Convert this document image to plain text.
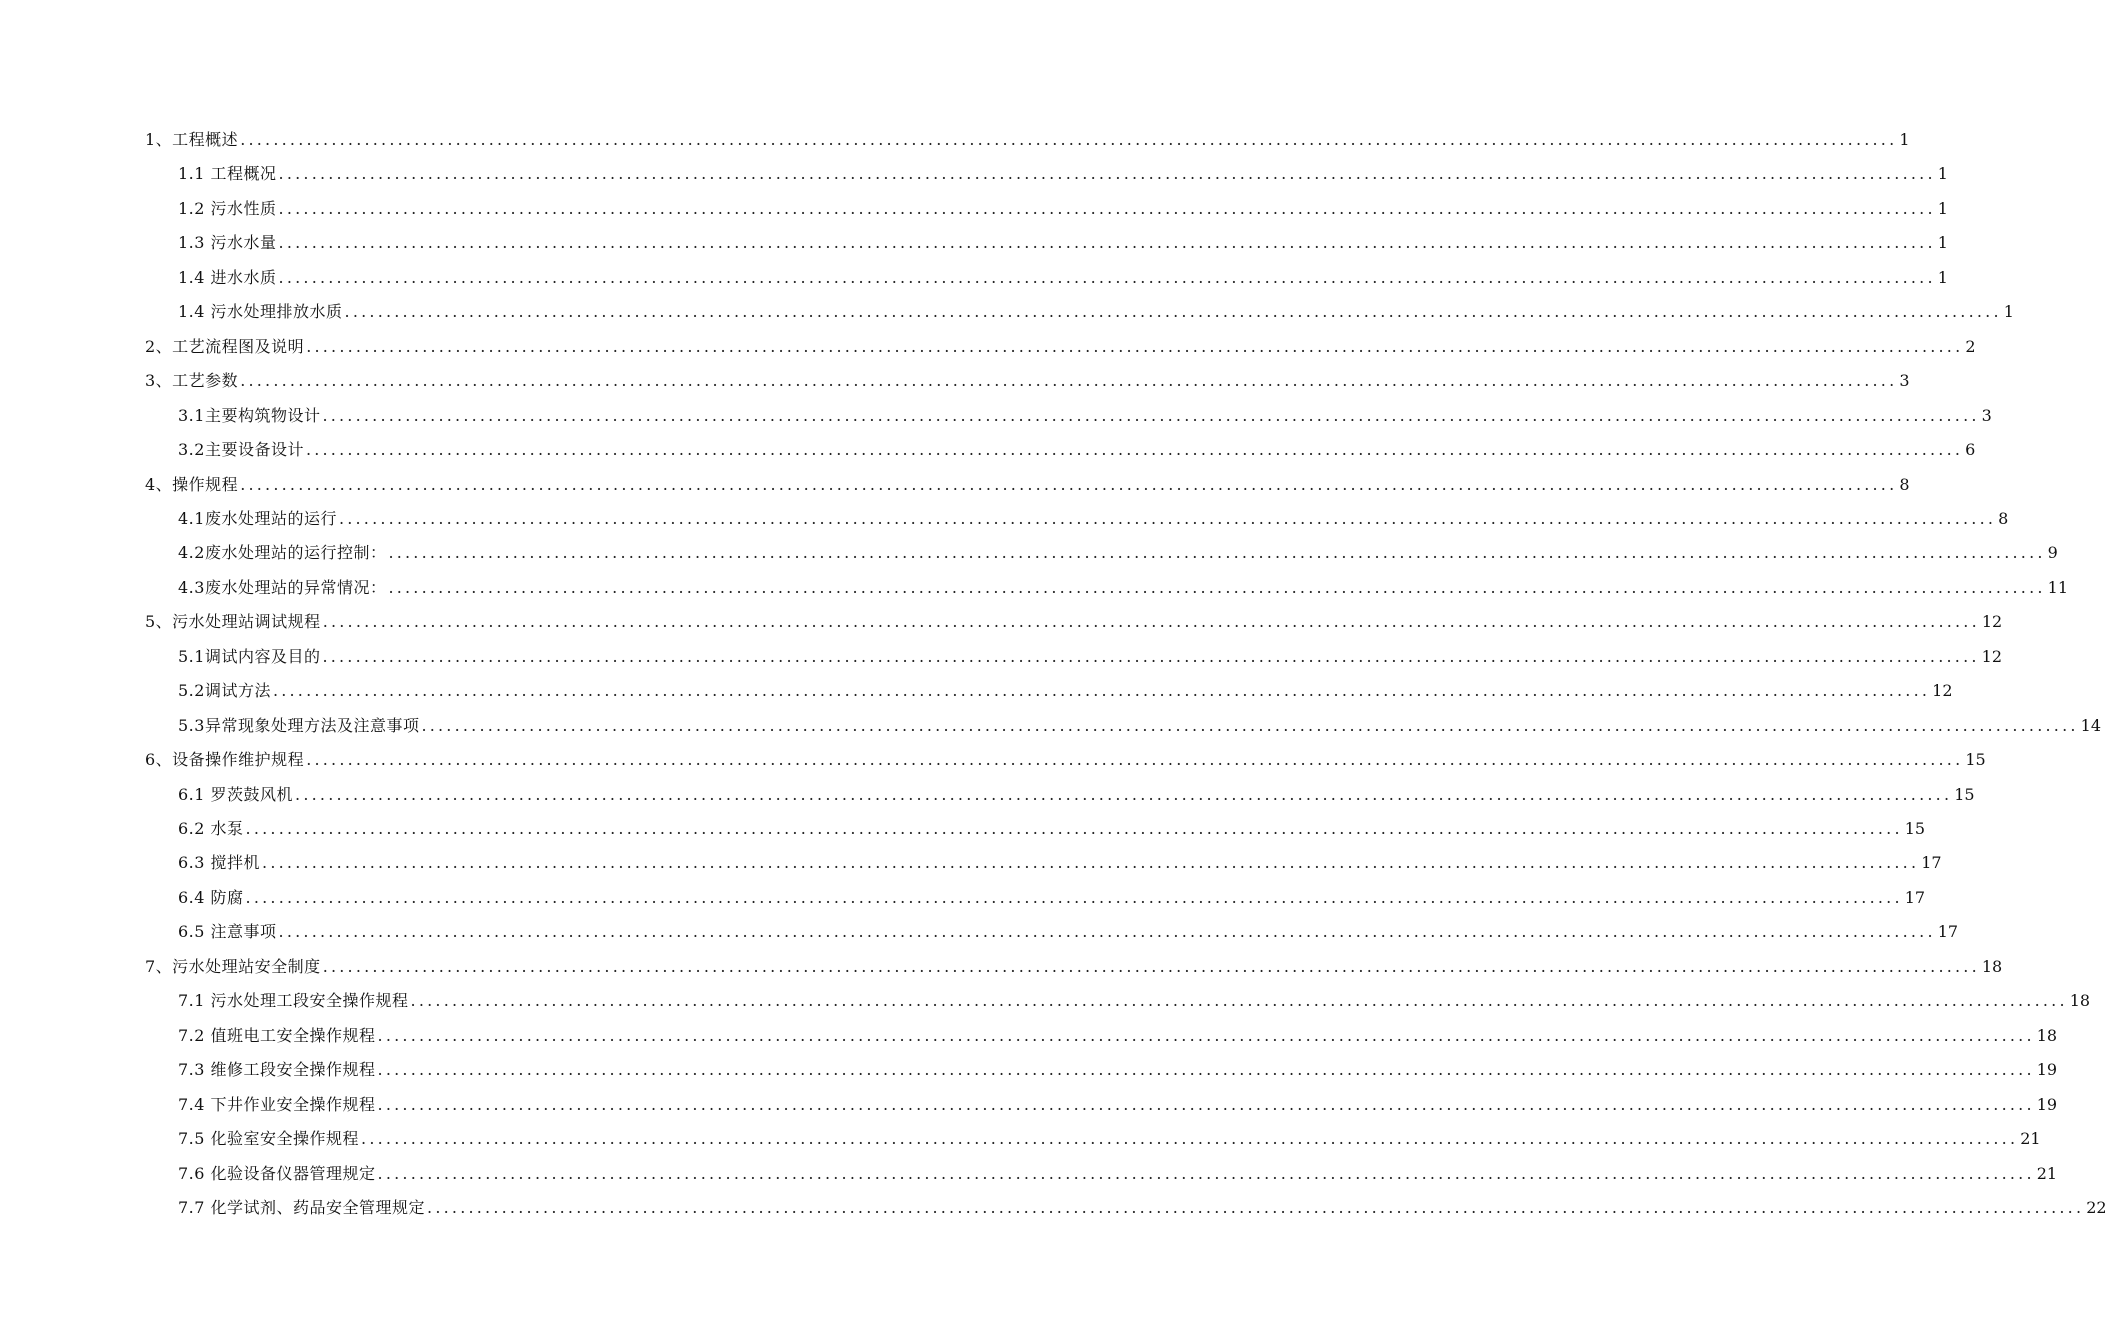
1、工程概述 ........................................................................................................................................................................................................ 1
1.1 工程概况 ........................................................................................................................................................................................................ 1
1.2 污水性质 ........................................................................................................................................................................................................ 1
1.3 污水水量 ........................................................................................................................................................................................................ 1
1.4 进水水质 ........................................................................................................................................................................................................ 1
1.4 污水处理排放水质 ........................................................................................................................................................................................................ 1
2、工艺流程图及说明 ........................................................................................................................................................................................................ 2
3、工艺参数 ........................................................................................................................................................................................................ 3
3.1主要构筑物设计 ........................................................................................................................................................................................................ 3
3.2主要设备设计 ........................................................................................................................................................................................................ 6
4、操作规程 ........................................................................................................................................................................................................ 8
4.1废水处理站的运行 ........................................................................................................................................................................................................ 8
4.2废水处理站的运行控制： ........................................................................................................................................................................................................ 9
4.3废水处理站的异常情况： ........................................................................................................................................................................................................ 11
5、污水处理站调试规程 ........................................................................................................................................................................................................ 12
5.1调试内容及目的 ........................................................................................................................................................................................................ 12
5.2调试方法 ........................................................................................................................................................................................................ 12
5.3异常现象处理方法及注意事项 ........................................................................................................................................................................................................ 14
6、设备操作维护规程 ........................................................................................................................................................................................................ 15
6.1 罗茨鼓风机 ........................................................................................................................................................................................................ 15
6.2 水泵 ........................................................................................................................................................................................................ 15
6.3 搅拌机 ........................................................................................................................................................................................................ 17
6.4 防腐 ........................................................................................................................................................................................................ 17
6.5 注意事项 ........................................................................................................................................................................................................ 17
7、污水处理站安全制度 ........................................................................................................................................................................................................ 18
7.1 污水处理工段安全操作规程 ........................................................................................................................................................................................................ 18
7.2 值班电工安全操作规程 ........................................................................................................................................................................................................ 18
7.3 维修工段安全操作规程 ........................................................................................................................................................................................................ 19
7.4 下井作业安全操作规程 ........................................................................................................................................................................................................ 19
7.5 化验室安全操作规程 ........................................................................................................................................................................................................ 21
7.6 化验设备仪器管理规定 ........................................................................................................................................................................................................ 21
7.7 化学试剂、药品安全管理规定 ........................................................................................................................................................................................................ 22
